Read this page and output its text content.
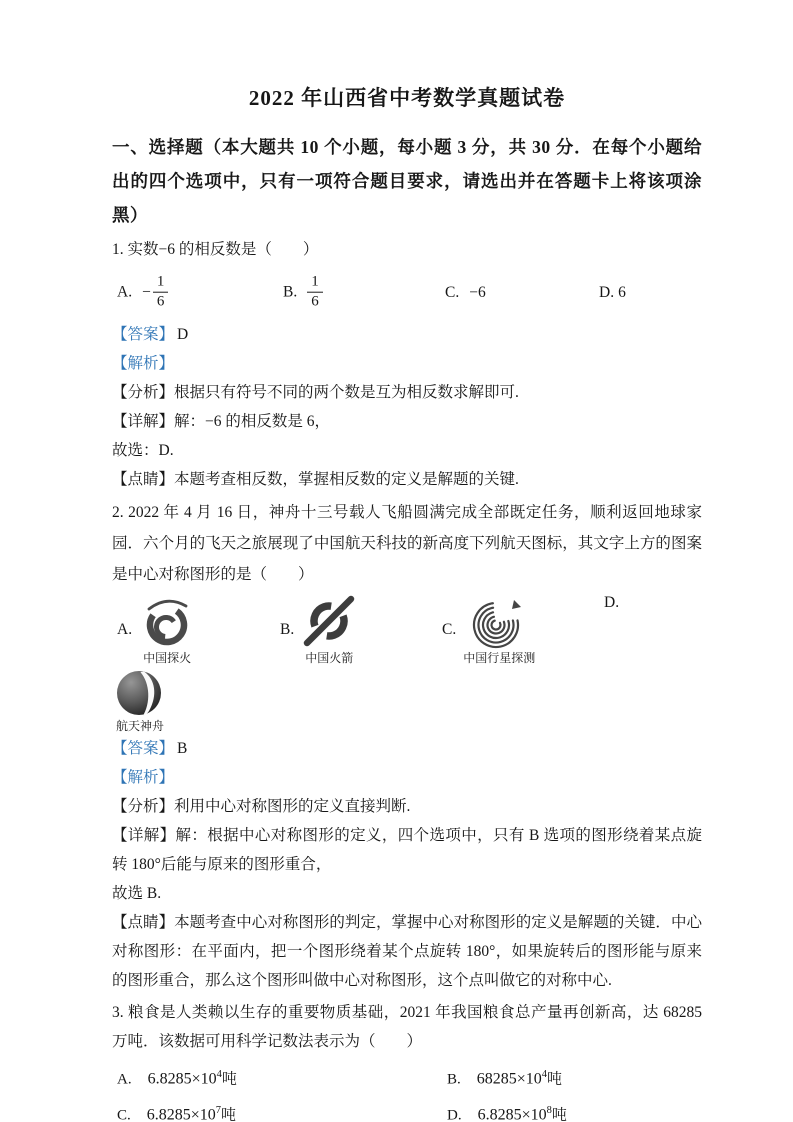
2022 年山西省中考数学真题试卷

一、选择题（本大题共 10 个小题，每小题 3 分，共 30 分．在每个小题给出的四个选项中，只有一项符合题目要求，请选出并在答题卡上将该项涂黑）

1. 实数−6 的相反数是（　　）

A. − $\frac{1}{6}$	B. $\frac{1}{6}$	C. −6	D. 6

【答案】 D

【解析】

【分析】根据只有符号不同的两个数是互为相反数求解即可.

【详解】解：−6 的相反数是 6，

故选：D.

【点睛】本题考查相反数，掌握相反数的定义是解题的关键.

2. 2022 年 4 月 16 日，神舟十三号载人飞船圆满完成全部既定任务，顺利返回地球家园．六个月的飞天之旅展现了中国航天科技的新高度下列航天图标，其文字上方的图案是中心对称图形的是（　　）

A.
中国探火
B.
中国火箭
C.
中国行星探测
D.
航天神舟

【答案】 B

【解析】

【分析】利用中心对称图形的定义直接判断.

【详解】解：根据中心对称图形的定义，四个选项中，只有 B 选项的图形绕着某点旋转 180°后能与原来的图形重合，

故选 B.

【点睛】本题考查中心对称图形的判定，掌握中心对称图形的定义是解题的关键．中心对称图形：在平面内，把一个图形绕着某个点旋转 180°，如果旋转后的图形能与原来的图形重合，那么这个图形叫做中心对称图形，这个点叫做它的对称中心.

3. 粮食是人类赖以生存的重要物质基础，2021 年我国粮食总产量再创新高，达 68285 万吨．该数据可用科学记数法表示为（　　）

A. $6.8285\times 10^4$吨	B. $68285\times 10^4$吨
C. $6.8285\times 10^7$吨	D. $6.8285\times 10^8$吨
